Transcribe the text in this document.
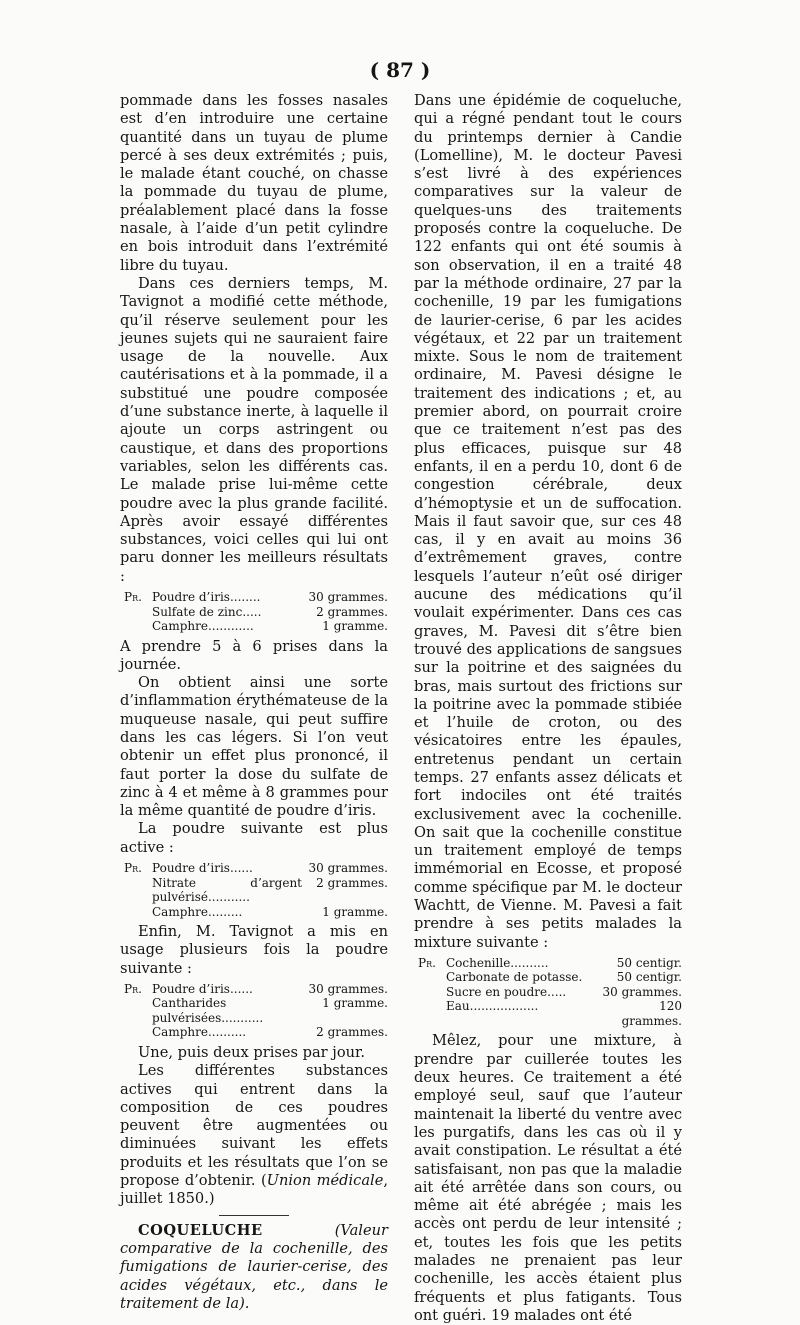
( 87 )

pommade dans les fosses nasales est d’en introduire une certaine quantité dans un tuyau de plume percé à ses deux extrémités ; puis, le malade étant couché, on chasse la pommade du tuyau de plume, préalablement placé dans la fosse nasale, à l’aide d’un petit cylindre en bois introduit dans l’extrémité libre du tuyau.

Dans ces derniers temps, M. Tavignot a modifié cette méthode, qu’il réserve seulement pour les jeunes sujets qui ne sauraient faire usage de la nouvelle. Aux cautérisations et à la pommade, il a substitué une poudre composée d’une substance inerte, à laquelle il ajoute un corps astringent ou caustique, et dans des proportions variables, selon les différents cas. Le malade prise lui-même cette poudre avec la plus grande facilité. Après avoir essayé différentes substances, voici celles qui lui ont paru donner les meilleurs résultats :

Pr. Poudre d’iris........	30 grammes.
Sulfate de zinc.....	2 grammes.
Camphre............	1 gramme.

A prendre 5 à 6 prises dans la journée.

On obtient ainsi une sorte d’inflammation érythémateuse de la muqueuse nasale, qui peut suffire dans les cas légers. Si l’on veut obtenir un effet plus prononcé, il faut porter la dose du sulfate de zinc à 4 et même à 8 grammes pour la même quantité de poudre d’iris.

La poudre suivante est plus active :

Pr. Poudre d’iris......	30 grammes.
Nitrate d’argent pulvérisé...........
2 grammes.
Camphre.........	1 gramme.

Enfin, M. Tavignot a mis en usage plusieurs fois la poudre suivante :

Pr. Poudre d’iris......	30 grammes.
Cantharides pulvérisées...........
1 gramme.
Camphre..........	2 grammes.

Une, puis deux prises par jour.

Les différentes substances actives qui entrent dans la composition de ces poudres peuvent être augmentées ou diminuées suivant les effets produits et les résultats que l’on se propose d’obtenir. (Union médicale, juillet 1850.)

COQUELUCHE	(Valeur comparative de la cochenille, des fumigations de laurier-cerise, des acides végétaux, etc., dans le traitement de la).

Dans une épidémie de coqueluche, qui a régné pendant tout le cours du printemps dernier à Candie (Lomelline), M. le docteur Pavesi s’est livré à des expériences comparatives sur la valeur de quelques-uns des traitements proposés contre la coqueluche. De 122 enfants qui ont été soumis à son observation, il en a traité 48 par la méthode ordinaire, 27 par la cochenille, 19 par les fumigations de laurier-cerise, 6 par les acides végétaux, et 22 par un traitement mixte. Sous le nom de traitement ordinaire, M. Pavesi désigne le traitement des indications ; et, au premier abord, on pourrait croire que ce traitement n’est pas des plus efficaces, puisque sur 48 enfants, il en a perdu 10, dont 6 de congestion cérébrale, deux d’hémoptysie et un de suffocation. Mais il faut savoir que, sur ces 48 cas, il y en avait au moins 36 d’extrêmement graves, contre lesquels l’auteur n’eût osé diriger aucune des médications qu’il voulait expérimenter. Dans ces cas graves, M. Pavesi dit s’être bien trouvé des applications de sangsues sur la poitrine et des saignées du bras, mais surtout des frictions sur la poitrine avec la pommade stibiée et l’huile de croton, ou des vésicatoires entre les épaules, entretenus pendant un certain temps. 27 enfants assez délicats et fort indociles ont été traités exclusivement avec la cochenille. On sait que la cochenille constitue un traitement employé de temps immémorial en Ecosse, et proposé comme spécifique par M. le docteur Wachtt, de Vienne. M. Pavesi a fait prendre à ses petits malades la mixture suivante :

Pr. Cochenille..........	50 centigr.
Carbonate de potasse.	50 centigr.
Sucre en poudre.....	30 grammes.
Eau..................	120 grammes.

Mêlez, pour une mixture, à prendre par cuillerée toutes les deux heures. Ce traitement a été employé seul, sauf que l’auteur maintenait la liberté du ventre avec les purgatifs, dans les cas où il y avait constipation. Le résultat a été satisfaisant, non pas que la maladie ait été arrêtée dans son cours, ou même ait été abrégée ; mais les accès ont perdu de leur intensité ; et, toutes les fois que les petits malades ne prenaient pas leur cochenille, les accès étaient plus fréquents et plus fatigants. Tous ont guéri. 19 malades ont été
